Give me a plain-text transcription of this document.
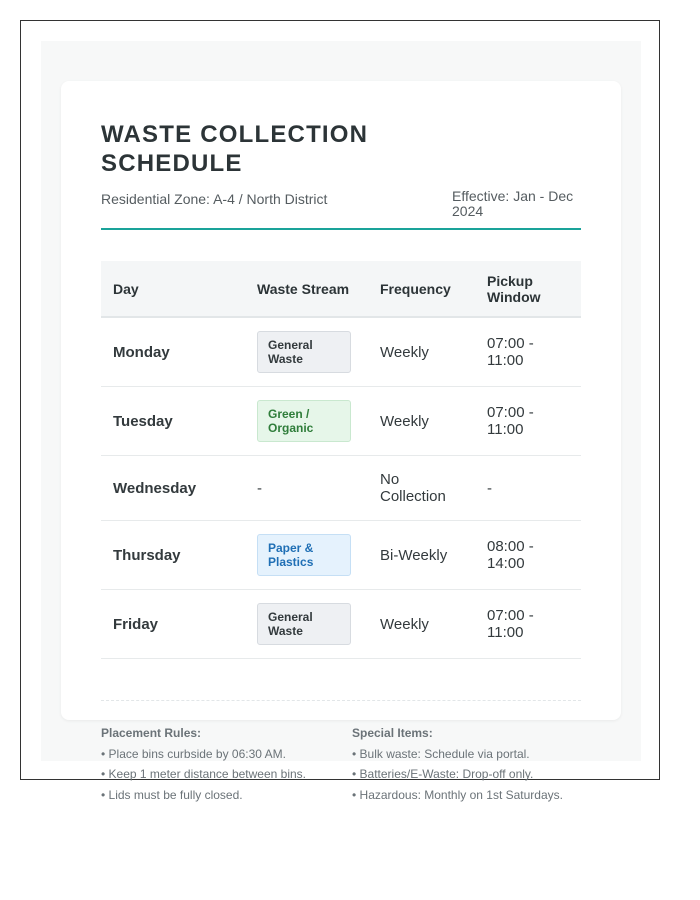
WASTE COLLECTION SCHEDULE
Residential Zone: A-4 / North District	Effective: Jan - Dec 2024
Day	Waste Stream	Frequency	Pickup Window
Monday	General Waste	Weekly	07:00 - 11:00
Tuesday	Green / Organic	Weekly	07:00 - 11:00
Wednesday	-	No Collection	-
Thursday	Paper & Plastics	Bi-Weekly	08:00 - 14:00
Friday	General Waste	Weekly	07:00 - 11:00
Placement Rules:
• Place bins curbside by 06:30 AM.
• Keep 1 meter distance between bins.
• Lids must be fully closed.
Special Items:
• Bulk waste: Schedule via portal.
• Batteries/E-Waste: Drop-off only.
• Hazardous: Monthly on 1st Saturdays.
